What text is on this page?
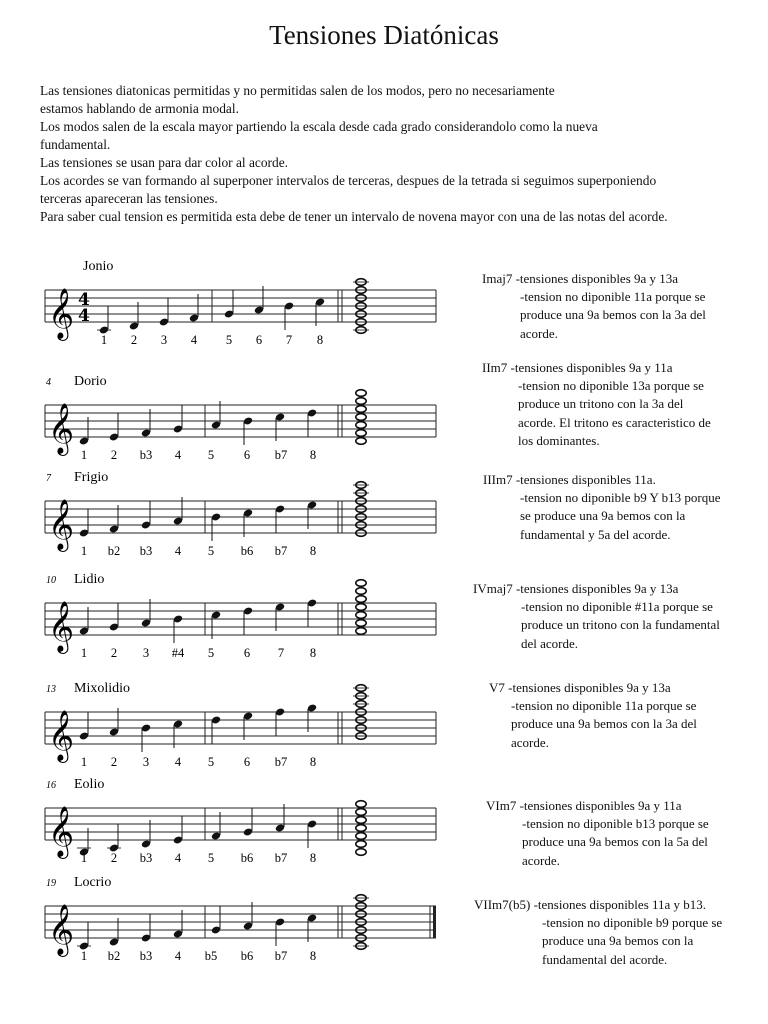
Tensiones Diatónicas

Las tensiones diatonicas permitidas y no permitidas salen de los modos, pero no necesariamente

estamos hablando de armonia modal.

Los modos salen de la escala mayor partiendo la escala desde cada grado considerandolo como la nueva

fundamental.

Las tensiones se usan para dar color al acorde.

Los acordes se van formando al superponer intervalos de terceras, despues de la tetrada si seguimos superponiendo

terceras apareceran las tensiones.

Para saber cual tension es permitida esta debe de tener un intervalo de novena mayor con una de las notas del acorde.

𝄞 4
4
Jonio
1 2 3 4 5 6 7 8
𝄞
Dorio
4
1 2 b3 4 5 6 b7 8
𝄞
Frigio
7
1 b2 b3 4 5 b6 b7 8
𝄞
Lidio
10
1 2 3 #4 5 6 7 8
𝄞
Mixolidio
13
1 2 3 4 5 6 b7 8
𝄞
Eolio
16
1 2 b3 4 5 b6 b7 8
𝄞
Locrio
19
1 b2 b3 4 b5 b6 b7 8
Imaj7 -tensiones disponibles 9a y 13a
-tension no diponible 11a porque se
produce una 9a bemos con la 3a del
acorde.
IIm7 -tensiones disponibles 9a y 11a
-tension no diponible 13a porque se
produce un tritono con la 3a del
acorde. El tritono es caracteristico de
los dominantes.
IIIm7 -tensiones disponibles 11a.
-tension no diponible b9 Y b13 porque
se produce una 9a bemos con la
fundamental y 5a del acorde.
IVmaj7 -tensiones disponibles 9a y 13a
-tension no diponible #11a porque se
produce un tritono con la fundamental
del acorde.
V7 -tensiones disponibles 9a y 13a
-tension no diponible 11a porque se
produce una 9a bemos con la 3a del
acorde.
VIm7 -tensiones disponibles 9a y 11a
-tension no diponible b13 porque se
produce una 9a bemos con la 5a del
acorde.
VIIm7(b5) -tensiones disponibles 11a y b13.
-tension no diponible b9 porque se
produce una 9a bemos con la
fundamental del acorde.
